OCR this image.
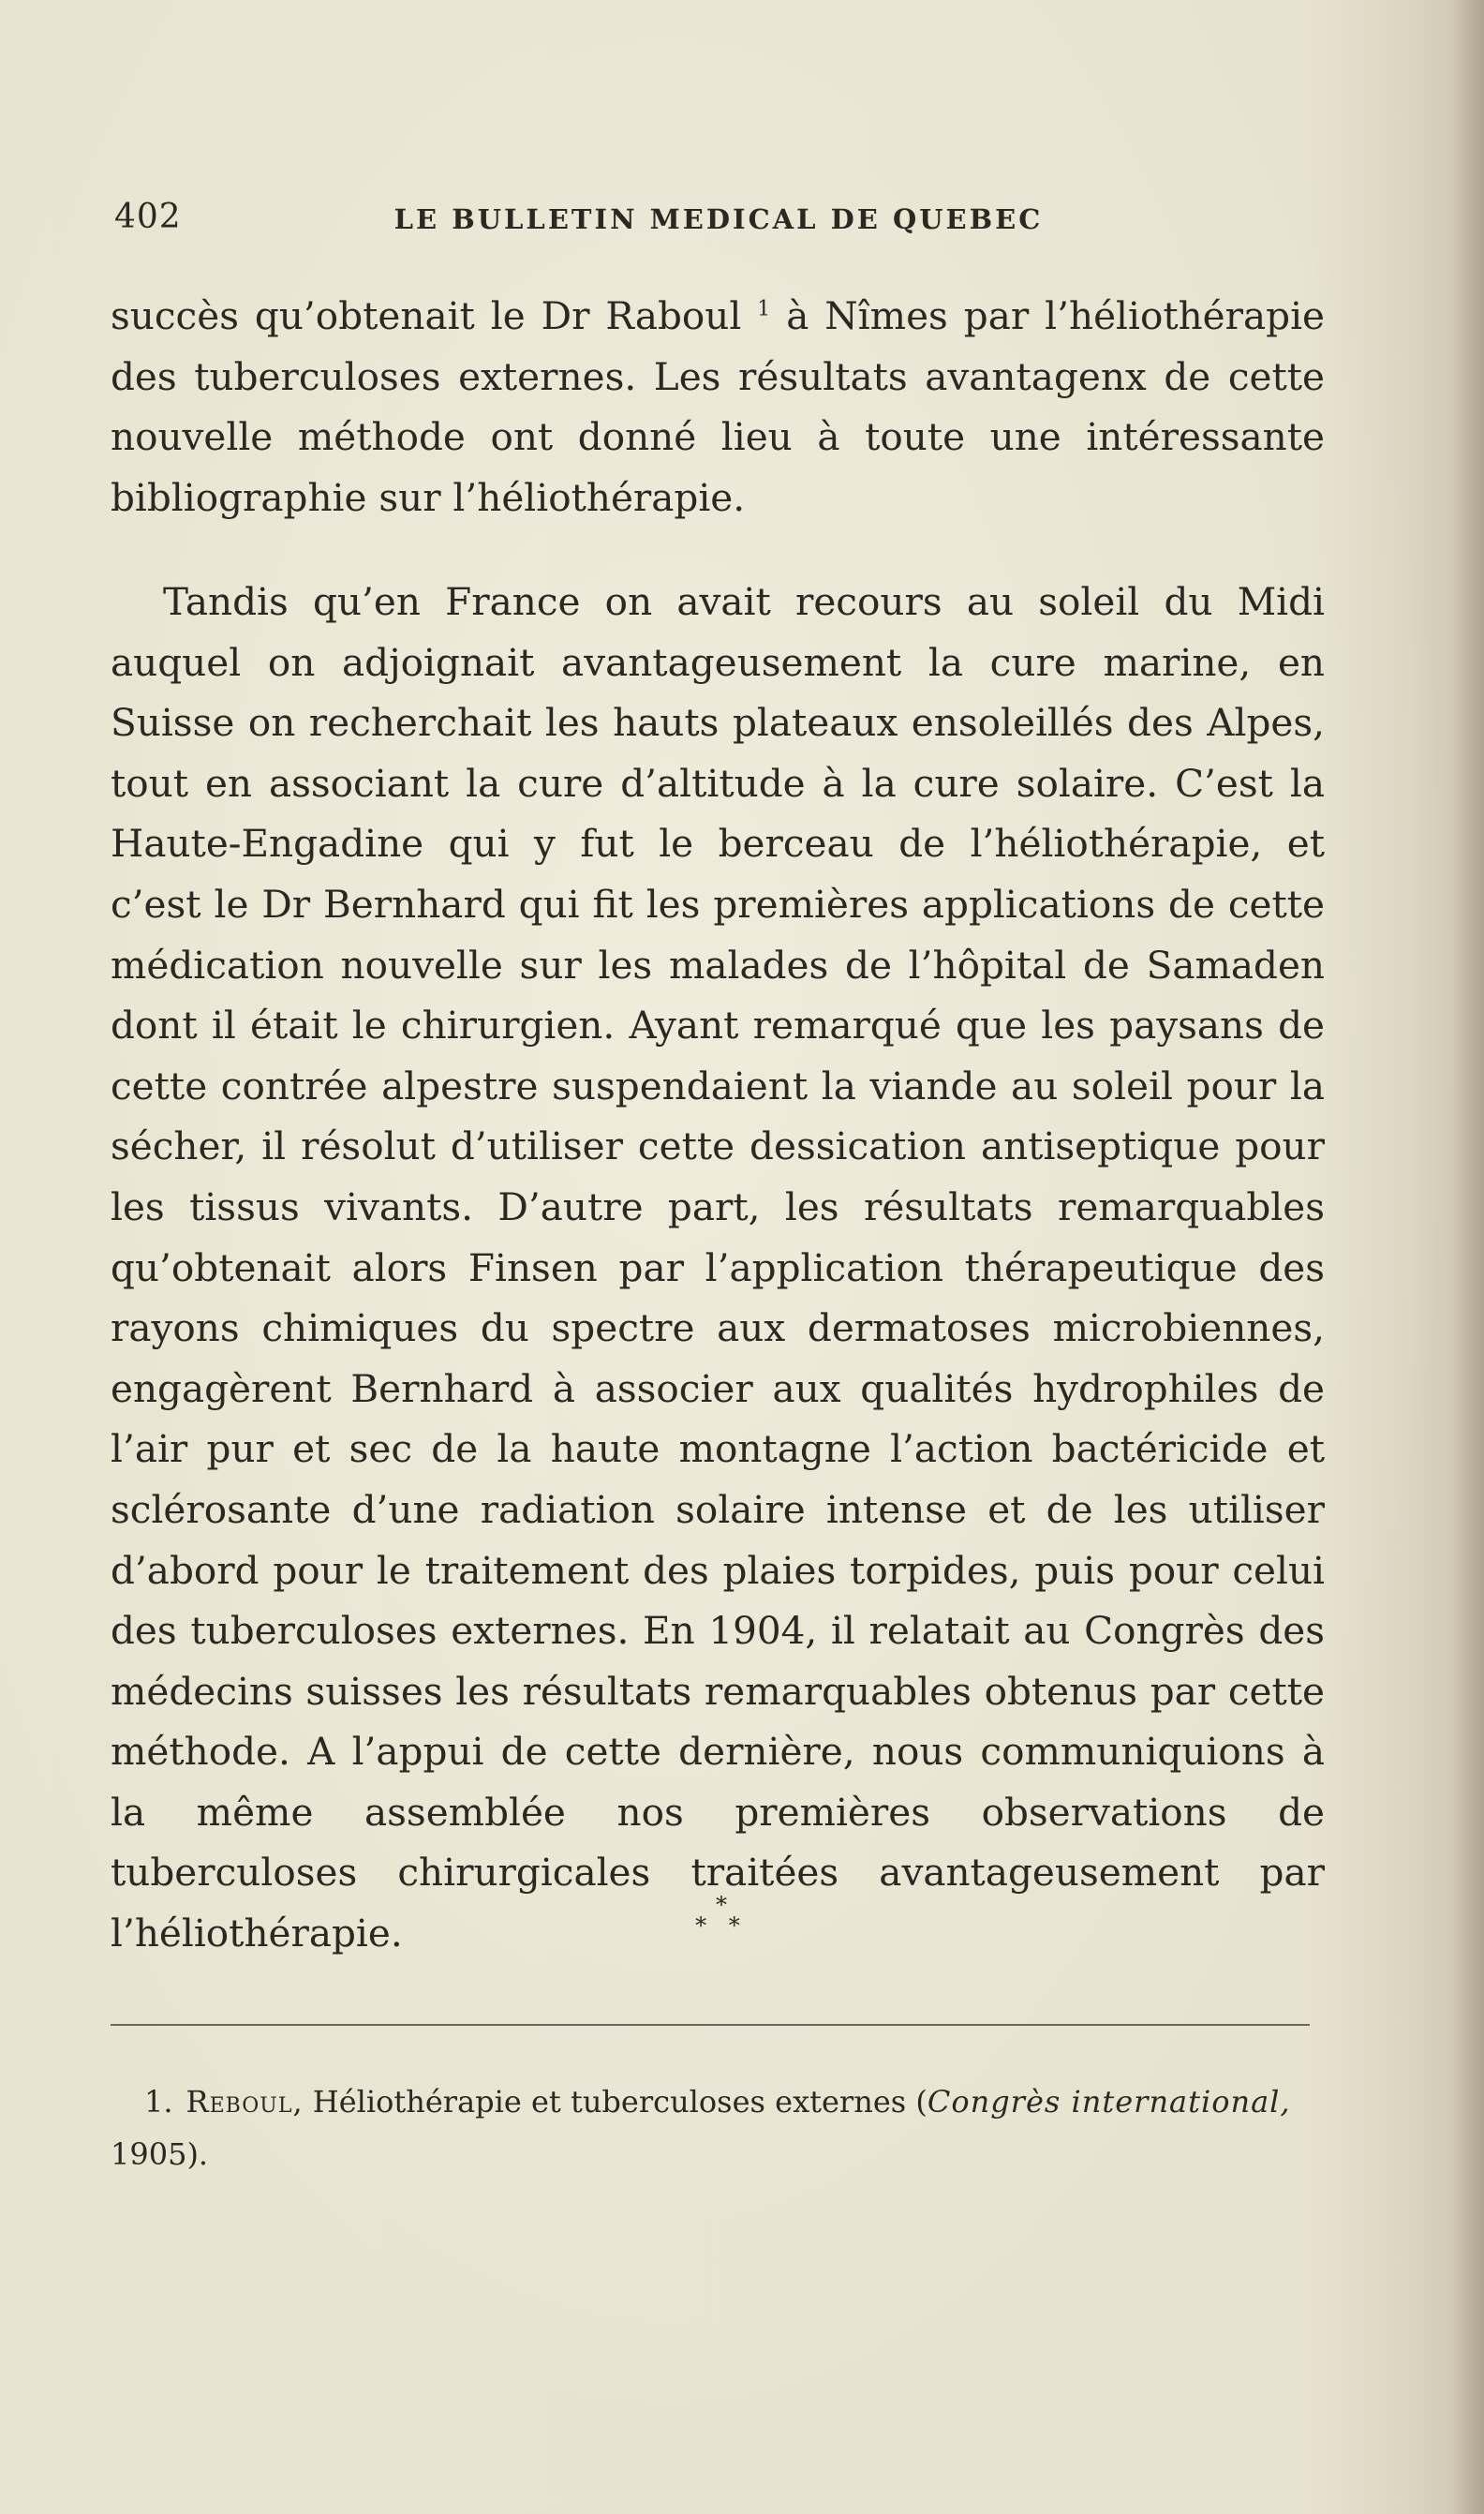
402	LE BULLETIN MEDICAL DE QUEBEC

succès qu’obtenait le Dr Raboul $^1$ à Nîmes par l’héliothérapie des tuberculoses externes. Les résultats avantagenx de cette nouvelle méthode ont donné lieu à toute une intéressante bibliographie sur l’héliothérapie.

Tandis qu’en France on avait recours au soleil du Midi auquel on adjoignait avantageusement la cure marine, en Suisse on recherchait les hauts plateaux ensoleillés des Alpes, tout en associant la cure d’altitude à la cure solaire. C’est la Haute-Engadine qui y fut le berceau de l’héliothérapie, et c’est le Dr Bernhard qui fit les premières applications de cette médication nouvelle sur les malades de l’hôpital de Samaden dont il était le chirurgien. Ayant remarqué que les paysans de cette contrée alpestre suspendaient la viande au soleil pour la sécher, il résolut d’utiliser cette dessication antiseptique pour les tissus vivants. D’autre part, les résultats remarquables qu’obtenait alors Finsen par l’application thérapeutique des rayons chimiques du spectre aux dermatoses microbiennes, engagèrent Bernhard à associer aux qualités hydrophiles de l’air pur et sec de la haute montagne l’action bactéricide et sclérosante d’une radiation solaire intense et de les utiliser d’abord pour le traitement des plaies torpides, puis pour celui des tuberculoses externes. En 1904, il relatait au Congrès des médecins suisses les résultats remarquables obtenus par cette méthode. A l’appui de cette dernière, nous communiquions à la même assemblée nos premières observations de tuberculoses chirurgicales traitées avantageusement par l’héliothérapie.

*
* *

1. Reboul, Héliothérapie et tuberculoses externes (Congrès international,
1905).
